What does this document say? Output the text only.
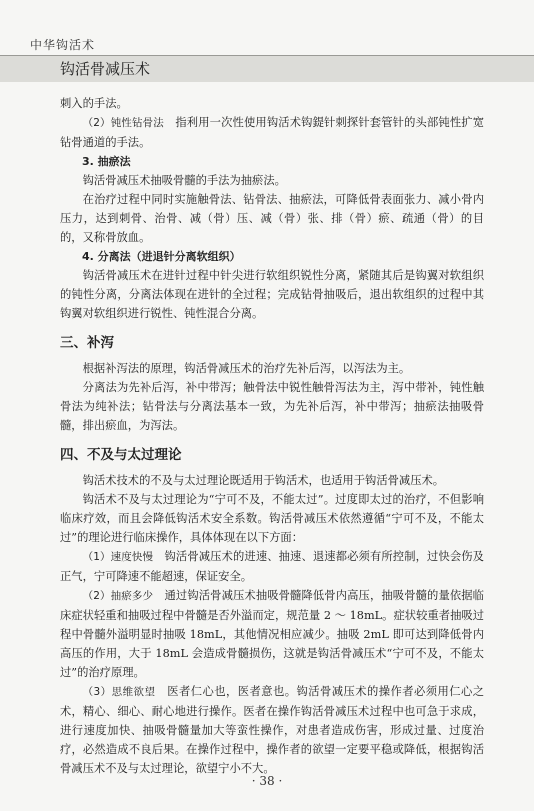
中华钩活术
钩活骨减压术

刺入的手法。

（2）钝性钻骨法　指利用一次性使用钩活术钩鍉针刺探针套管针的头部钝性扩宽钻骨通道的手法。

3. 抽瘀法

钩活骨减压术抽吸骨髓的手法为抽瘀法。

在治疗过程中同时实施触骨法、钻骨法、抽瘀法，可降低骨表面张力、减小骨内压力，达到刺骨、治骨、减（骨）压、减（骨）张、排（骨）瘀、疏通（骨）的目的，又称骨放血。

4. 分离法（进退针分离软组织）

钩活骨减压术在进针过程中针尖进行软组织锐性分离，紧随其后是钩翼对软组织的钝性分离，分离法体现在进针的全过程；完成钻骨抽吸后，退出软组织的过程中其钩翼对软组织进行锐性、钝性混合分离。

三、补泻

根据补泻法的原理，钩活骨减压术的治疗先补后泻，以泻法为主。

分离法为先补后泻，补中带泻；触骨法中锐性触骨泻法为主，泻中带补，钝性触骨法为纯补法；钻骨法与分离法基本一致，为先补后泻，补中带泻；抽瘀法抽吸骨髓，排出瘀血，为泻法。

四、不及与太过理论

钩活术技术的不及与太过理论既适用于钩活术，也适用于钩活骨减压术。

钩活术不及与太过理论为“宁可不及，不能太过”。过度即太过的治疗，不但影响临床疗效，而且会降低钩活术安全系数。钩活骨减压术依然遵循“宁可不及，不能太过”的理论进行临床操作，具体体现在以下方面：

（1）速度快慢　钩活骨减压术的进速、抽速、退速都必须有所控制，过快会伤及正气，宁可降速不能超速，保证安全。

（2）抽瘀多少　通过钩活骨减压术抽吸骨髓降低骨内高压，抽吸骨髓的量依据临床症状轻重和抽吸过程中骨髓是否外溢而定，规范量 2 ～ 18mL。症状较重者抽吸过程中骨髓外溢明显时抽吸 18mL，其他情况相应减少。抽吸 2mL 即可达到降低骨内高压的作用，大于 18mL 会造成骨髓损伤，这就是钩活骨减压术“宁可不及，不能太过”的治疗原理。

（3）思维欲望　医者仁心也，医者意也。钩活骨减压术的操作者必须用仁心之术，精心、细心、耐心地进行操作。医者在操作钩活骨减压术过程中也可急于求成，进行速度加快、抽吸骨髓量加大等蛮性操作，对患者造成伤害，形成过量、过度治疗，必然造成不良后果。在操作过程中，操作者的欲望一定要平稳或降低，根据钩活骨减压术不及与太过理论，欲望宁小不大。

· 38 ·
